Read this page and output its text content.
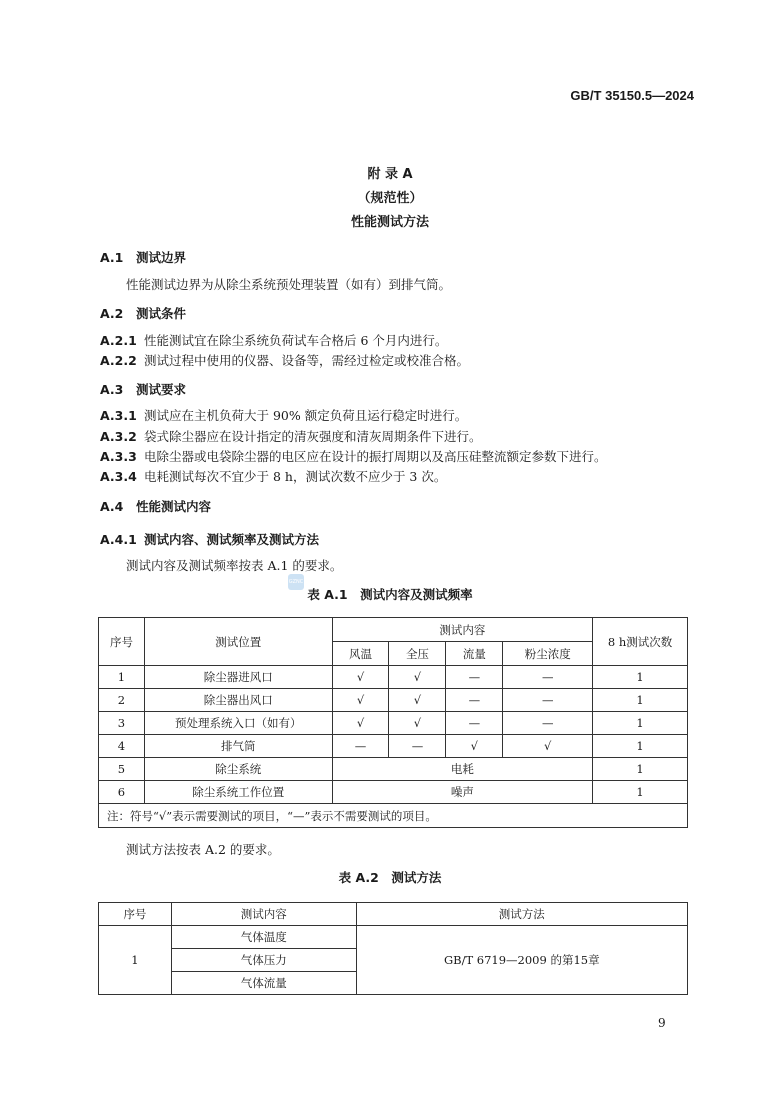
GB/T 35150.5—2024
附 录 A
（规范性）
性能测试方法
A.1 测试边界
性能测试边界为从除尘系统预处理装置（如有）到排气筒。
A.2 测试条件
A.2.1 性能测试宜在除尘系统负荷试车合格后 6 个月内进行。
A.2.2 测试过程中使用的仪器、设备等，需经过检定或校准合格。
A.3 测试要求
A.3.1 测试应在主机负荷大于 90% 额定负荷且运行稳定时进行。
A.3.2 袋式除尘器应在设计指定的清灰强度和清灰周期条件下进行。
A.3.3 电除尘器或电袋除尘器的电区应在设计的振打周期以及高压硅整流额定参数下进行。
A.3.4 电耗测试每次不宜少于 8 h，测试次数不应少于 3 次。
A.4 性能测试内容
A.4.1 测试内容、测试频率及测试方法
测试内容及测试频率按表 A.1 的要求。
GZNC
表 A.1　测试内容及测试频率
序号	测试位置	测试内容				8 h测试次数
		风温	全压	流量	粉尘浓度	
1	除尘器进风口	√	√	—	—	1
2	除尘器出风口	√	√	—	—	1
3	预处理系统入口（如有）	√	√	—	—	1
4	排气筒	—	—	√	√	1
5	除尘系统	电耗				1
6	除尘系统工作位置	噪声				1
注：符号“√”表示需要测试的项目，“—”表示不需要测试的项目。						
测试方法按表 A.2 的要求。
表 A.2　测试方法
序号	测试内容	测试方法
1	气体温度	GB/T 6719—2009 的第15章
	气体压力	
	气体流量	
9
